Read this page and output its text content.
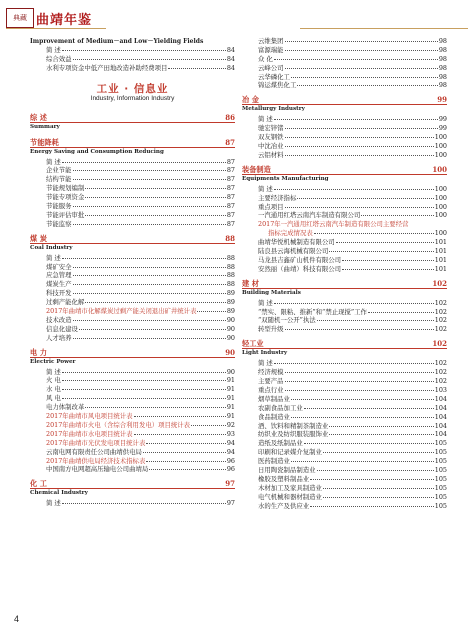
典藏 曲靖年鉴
Improvement of Medium－and Low－Yielding Fields
简 述	84
综合效益	84
水利专项资金中低产田地改造补助经费项目	84
工业 · 信息业
Industry, Information Industry
综 述	86
Summary
节能降耗	87
Energy Saving and Consumption Reducing
简 述	87
企业节能	87
结构节能	87
节能规划编制	87
节能专项资金	87
节能服务	87
节能评估审批	87
节能监察	87
煤 炭	88
Coal Industry
简 述	88
煤矿安全	88
应急管理	88
煤炭生产	88
科技开发	89
过剩产能化解	89
2017年曲靖市化解煤炭过剩产能关闭退出矿井统计表	89
技术改造	90
信息化建设	90
人才培养	90
电 力	90
Electric Power
简 述	90
火 电	91
水 电	91
风 电	91
电力体制改革	91
2017年曲靖市风电项目统计表	91
2017年曲靖市火电（含综合利用发电）项目统计表	92
2017年曲靖市水电项目统计表	93
2017年曲靖市光伏发电项目统计表	94
云南电网有限责任公司曲靖供电局	94
2017年曲靖供电局经济技术指标表	96
中国南方电网超高压输电公司曲靖局	96
化 工	97
Chemical Industry
简 述	97
云维集团	98
富源瑞能	98
众 化	98
云峰公司	98
云华磷化工	98
锦运煤焦化工	98
冶 金	99
Metallurgy Industry
简 述	99
驰宏锌锗	99
双友钢铁	100
中沈冶业	100
云铝材料	100
装备制造	100
Equipments Manufacturing
简 述	100
主要经济指标	100
重点项目	100
一汽通用红塔云南汽车制造有限公司	100
2017年一汽通用红塔云南汽车制造有限公司主要经营
指标完成情况表	100
曲靖华悦机械制造有限公司	101
陆良县云海机械有限公司	101
马龙县吉鑫矿山机件有限公司	101
安然丽（曲靖）科技有限公司	101
建 材	102
Building Materials
简 述	102
“禁实、限粘、推新”和“禁止现搅”工作	102
“双随机一公开”执法	102
转型升级	102
轻工业	102
Light Industry
简 述	102
经济规模	102
主要产品	102
重点行业	103
烟草制品业	104
农副食品加工业	104
食品制造业	104
酒、饮料和精制茶制造业	104
纺织业及纺织服装服饰业	104
造纸及纸制品业	105
印刷和记录媒介复制业	105
医药制造业	105
日用陶瓷制品制造业	105
橡胶及塑料制品业	105
木材加工及家具制造业	105
电气机械和器材制造业	105
水的生产及供应业	105
4
